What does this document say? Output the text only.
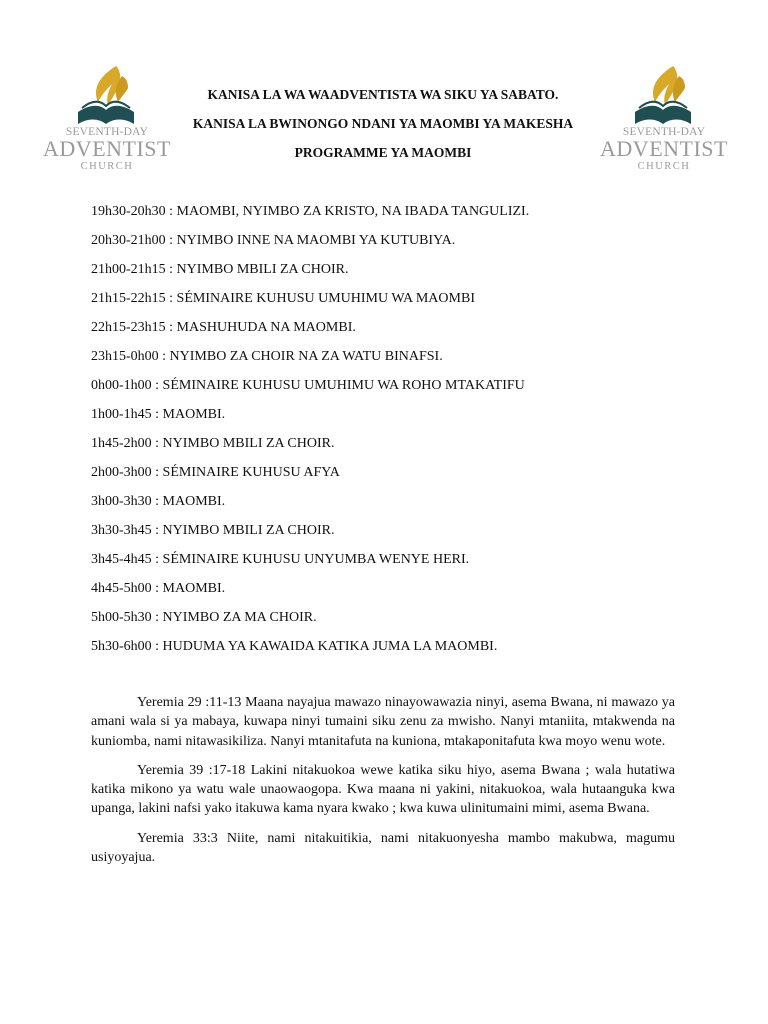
SEVENTH-DAY
ADVENTIST
CHURCH
SEVENTH-DAY
ADVENTIST
CHURCH
KANISA LA WA WAADVENTISTA WA SIKU YA SABATO.
KANISA LA BWINONGO NDANI YA MAOMBI YA MAKESHA
PROGRAMME YA MAOMBI
19h30-20h30 : MAOMBI, NYIMBO ZA KRISTO, NA IBADA TANGULIZI.
20h30-21h00 : NYIMBO INNE NA MAOMBI YA KUTUBIYA.
21h00-21h15 : NYIMBO MBILI ZA CHOIR.
21h15-22h15 : SÉMINAIRE KUHUSU UMUHIMU WA MAOMBI
22h15-23h15 : MASHUHUDA NA MAOMBI.
23h15-0h00 : NYIMBO ZA CHOIR NA ZA WATU BINAFSI.
0h00-1h00 : SÉMINAIRE KUHUSU UMUHIMU WA ROHO MTAKATIFU
1h00-1h45 : MAOMBI.
1h45-2h00 : NYIMBO MBILI ZA CHOIR.
2h00-3h00 : SÉMINAIRE KUHUSU AFYA
3h00-3h30 : MAOMBI.
3h30-3h45 : NYIMBO MBILI ZA CHOIR.
3h45-4h45 : SÉMINAIRE KUHUSU UNYUMBA WENYE HERI.
4h45-5h00 : MAOMBI.
5h00-5h30 : NYIMBO ZA MA CHOIR.
5h30-6h00 : HUDUMA YA KAWAIDA KATIKA JUMA LA MAOMBI.

Yeremia 29 :11-13 Maana nayajua mawazo ninayowawazia ninyi, asema Bwana, ni mawazo ya amani wala si ya mabaya, kuwapa ninyi tumaini siku zenu za mwisho. Nanyi mtaniita, mtakwenda na kuniomba, nami nitawasikiliza. Nanyi mtanitafuta na kuniona, mtakaponitafuta kwa moyo wenu wote.

Yeremia 39 :17-18 Lakini nitakuokoa wewe katika siku hiyo, asema Bwana ; wala hutatiwa katika mikono ya watu wale unaowaogopa. Kwa maana ni yakini, nitakuokoa, wala hutaanguka kwa upanga, lakini nafsi yako itakuwa kama nyara kwako ; kwa kuwa ulinitumaini mimi, asema Bwana.

Yeremia 33:3 Niite, nami nitakuitikia, nami nitakuonyesha mambo makubwa, magumu usiyoyajua.
